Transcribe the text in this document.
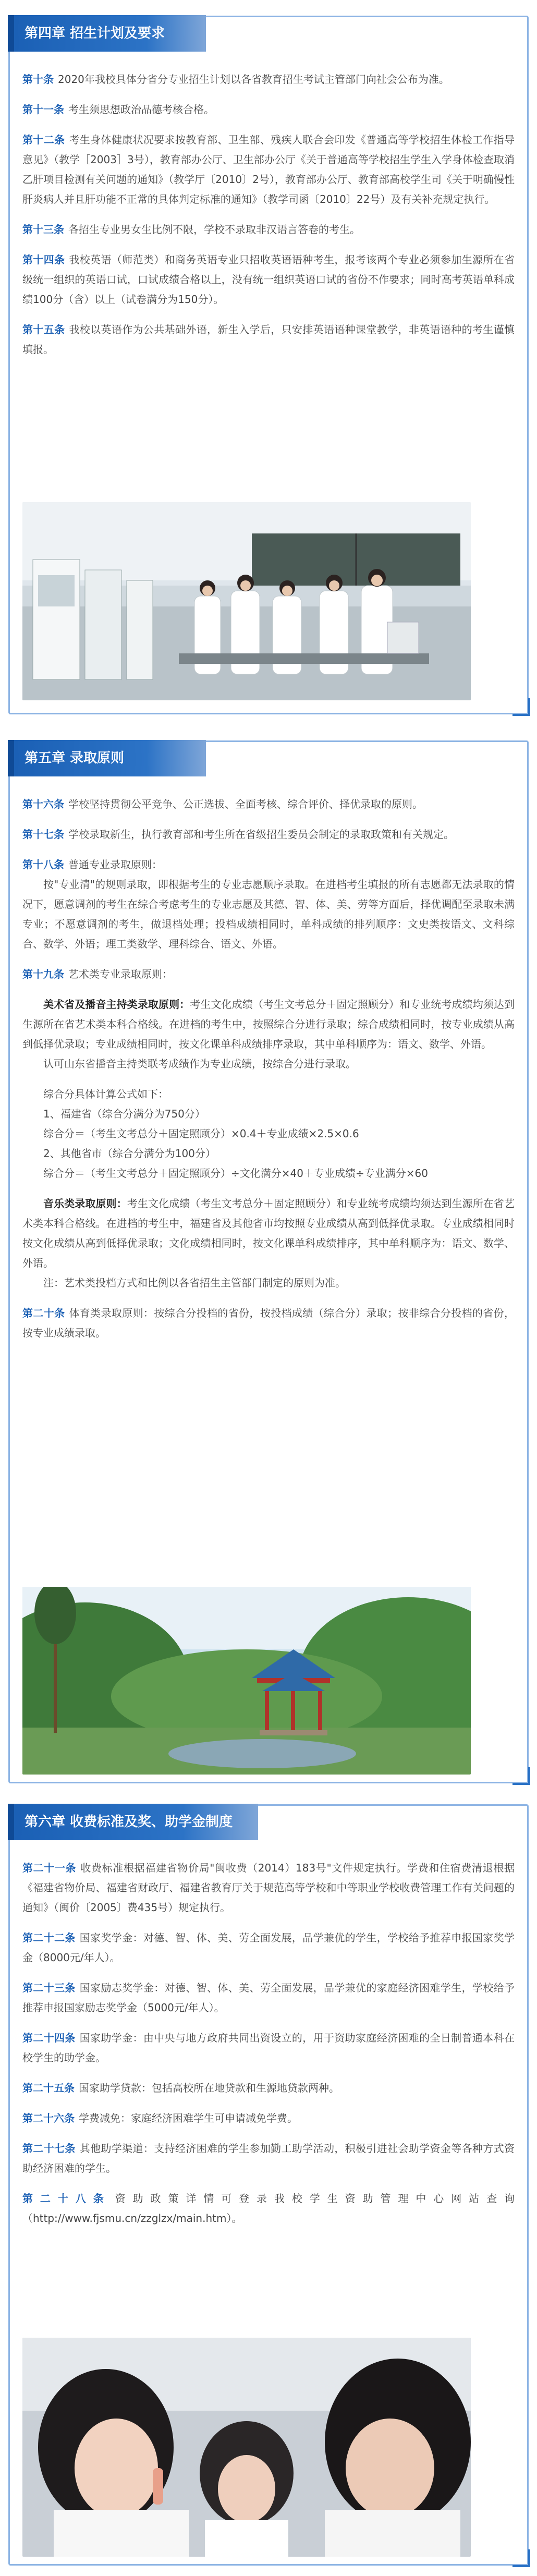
第四章 招生计划及要求

第十条 2020年我校具体分省分专业招生计划以各省教育招生考试主管部门向社会公布为准。

第十一条 考生须思想政治品德考核合格。

第十二条 考生身体健康状况要求按教育部、卫生部、残疾人联合会印发《普通高等学校招生体检工作指导意见》（教学［2003］3号），教育部办公厅、卫生部办公厅《关于普通高等学校招生学生入学身体检查取消乙肝项目检测有关问题的通知》（教学厅〔2010〕2号），教育部办公厅、教育部高校学生司《关于明确慢性肝炎病人并且肝功能不正常的具体判定标准的通知》（教学司函〔2010〕22号）及有关补充规定执行。

第十三条 各招生专业男女生比例不限，学校不录取非汉语言答卷的考生。

第十四条 我校英语（师范类）和商务英语专业只招收英语语种考生，报考该两个专业必须参加生源所在省级统一组织的英语口试，口试成绩合格以上，没有统一组织英语口试的省份不作要求；同时高考英语单科成绩100分（含）以上（试卷满分为150分）。

第十五条 我校以英语作为公共基础外语，新生入学后，只安排英语语种课堂教学，非英语语种的考生谨慎填报。

第五章 录取原则

第十六条 学校坚持贯彻公平竞争、公正选拔、全面考核、综合评价、择优录取的原则。

第十七条 学校录取新生，执行教育部和考生所在省级招生委员会制定的录取政策和有关规定。

第十八条 普通专业录取原则：
按"专业清"的规则录取，即根据考生的专业志愿顺序录取。在进档考生填报的所有志愿都无法录取的情况下，愿意调剂的考生在综合考虑考生的专业志愿及其德、智、体、美、劳等方面后，择优调配至录取未满专业；不愿意调剂的考生，做退档处理；投档成绩相同时，单科成绩的排列顺序：文史类按语文、文科综合、数学、外语；理工类数学、理科综合、语文、外语。

第十九条 艺术类专业录取原则：

美术省及播音主持类录取原则：考生文化成绩（考生文考总分＋固定照顾分）和专业统考成绩均须达到生源所在省艺术类本科合格线。在进档的考生中，按照综合分进行录取；综合成绩相同时，按专业成绩从高到低择优录取；专业成绩相同时，按文化课单科成绩排序录取，其中单科顺序为：语文、数学、外语。
认可山东省播音主持类联考成绩作为专业成绩，按综合分进行录取。

综合分具体计算公式如下：
1、福建省（综合分满分为750分）
综合分＝（考生文考总分＋固定照顾分）×0.4＋专业成绩×2.5×0.6
2、其他省市（综合分满分为100分）
综合分＝（考生文考总分＋固定照顾分）÷文化满分×40＋专业成绩÷专业满分×60

音乐类录取原则：考生文化成绩（考生文考总分＋固定照顾分）和专业统考成绩均须达到生源所在省艺术类本科合格线。在进档的考生中，福建省及其他省市均按照专业成绩从高到低择优录取。专业成绩相同时按文化成绩从高到低择优录取；文化成绩相同时，按文化课单科成绩排序，其中单科顺序为：语文、数学、外语。
注：艺术类投档方式和比例以各省招生主管部门制定的原则为准。

第二十条 体育类录取原则：按综合分投档的省份，按投档成绩（综合分）录取；按非综合分投档的省份，按专业成绩录取。

第六章 收费标准及奖、助学金制度

第二十一条 收费标准根据福建省物价局"闽收费（2014）183号"文件规定执行。学费和住宿费清退根据《福建省物价局、福建省财政厅、福建省教育厅关于规范高等学校和中等职业学校收费管理工作有关问题的通知》（闽价〔2005〕费435号）规定执行。

第二十二条 国家奖学金：对德、智、体、美、劳全面发展，品学兼优的学生，学校给予推荐申报国家奖学金（8000元/年人）。

第二十三条 国家励志奖学金：对德、智、体、美、劳全面发展，品学兼优的家庭经济困难学生，学校给予推荐申报国家励志奖学金（5000元/年人）。

第二十四条 国家助学金：由中央与地方政府共同出资设立的，用于资助家庭经济困难的全日制普通本科在校学生的助学金。

第二十五条 国家助学贷款：包括高校所在地贷款和生源地贷款两种。

第二十六条 学费减免：家庭经济困难学生可申请减免学费。

第二十七条 其他助学渠道：支持经济困难的学生参加勤工助学活动，积极引进社会助学资金等各种方式资助经济困难的学生。

第二十八条 资助政策详情可登录我校学生资助管理中心网站查询（http://www.fjsmu.cn/zzglzx/main.htm）。
